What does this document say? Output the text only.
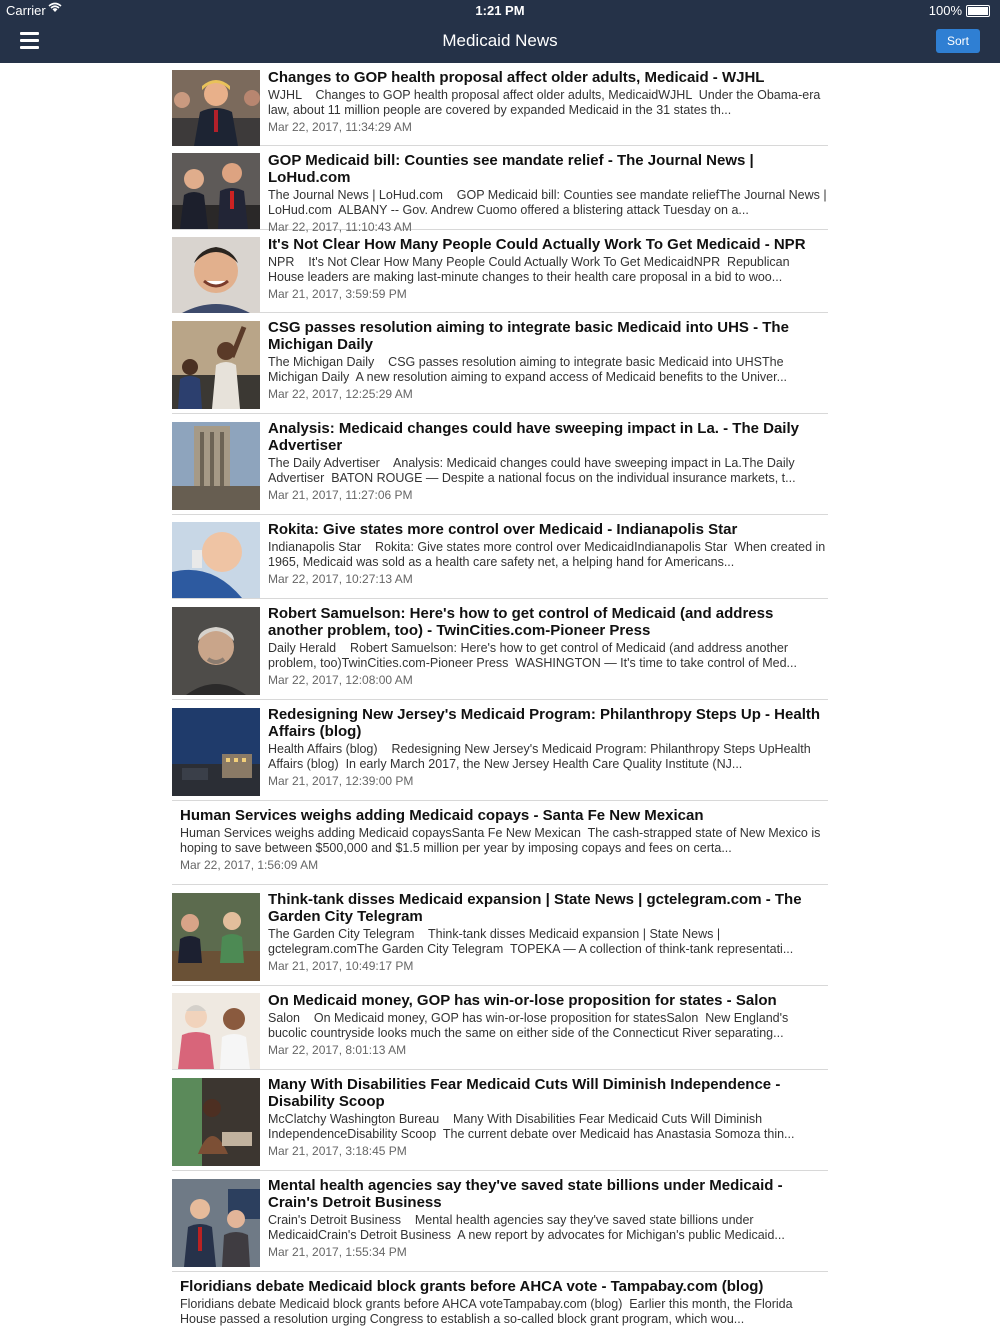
Carrier	1:21 PM	100%
Medicaid News	Sort
Changes to GOP health proposal affect older adults, Medicaid - WJHL
WJHL    Changes to GOP health proposal affect older adults, MedicaidWJHL  Under the Obama-era law, about 11 million people are covered by expanded Medicaid in the 31 states th...
Mar 22, 2017, 11:34:29 AM
GOP Medicaid bill: Counties see mandate relief - The Journal News | LoHud.com
The Journal News | LoHud.com    GOP Medicaid bill: Counties see mandate reliefThe Journal News | LoHud.com  ALBANY -- Gov. Andrew Cuomo offered a blistering attack Tuesday on a...
Mar 22, 2017, 11:10:43 AM
It's Not Clear How Many People Could Actually Work To Get Medicaid - NPR
NPR    It's Not Clear How Many People Could Actually Work To Get MedicaidNPR  Republican House leaders are making last-minute changes to their health care proposal in a bid to woo...
Mar 21, 2017, 3:59:59 PM
CSG passes resolution aiming to integrate basic Medicaid into UHS - The Michigan Daily
The Michigan Daily    CSG passes resolution aiming to integrate basic Medicaid into UHSThe Michigan Daily  A new resolution aiming to expand access of Medicaid benefits to the Univer...
Mar 22, 2017, 12:25:29 AM
Analysis: Medicaid changes could have sweeping impact in La. - The Daily Advertiser
The Daily Advertiser    Analysis: Medicaid changes could have sweeping impact in La.The Daily Advertiser  BATON ROUGE — Despite a national focus on the individual insurance markets, t...
Mar 21, 2017, 11:27:06 PM
Rokita: Give states more control over Medicaid - Indianapolis Star
Indianapolis Star    Rokita: Give states more control over MedicaidIndianapolis Star  When created in 1965, Medicaid was sold as a health care safety net, a helping hand for Americans...
Mar 22, 2017, 10:27:13 AM
Robert Samuelson: Here's how to get control of Medicaid (and address another problem, too) - TwinCities.com-Pioneer Press
Daily Herald    Robert Samuelson: Here's how to get control of Medicaid (and address another problem, too)TwinCities.com-Pioneer Press  WASHINGTON — It's time to take control of Med...
Mar 22, 2017, 12:08:00 AM
Redesigning New Jersey's Medicaid Program: Philanthropy Steps Up - Health Affairs (blog)
Health Affairs (blog)    Redesigning New Jersey's Medicaid Program: Philanthropy Steps UpHealth Affairs (blog)  In early March 2017, the New Jersey Health Care Quality Institute (NJ...
Mar 21, 2017, 12:39:00 PM
Human Services weighs adding Medicaid copays - Santa Fe New Mexican
Human Services weighs adding Medicaid copaysSanta Fe New Mexican  The cash-strapped state of New Mexico is hoping to save between $500,000 and $1.5 million per year by imposing copays and fees on certa...
Mar 22, 2017, 1:56:09 AM
Think-tank disses Medicaid expansion | State News | gctelegram.com - The Garden City Telegram
The Garden City Telegram    Think-tank disses Medicaid expansion | State News | gctelegram.comThe Garden City Telegram  TOPEKA — A collection of think-tank representati...
Mar 21, 2017, 10:49:17 PM
On Medicaid money, GOP has win-or-lose proposition for states - Salon
Salon    On Medicaid money, GOP has win-or-lose proposition for statesSalon  New England's bucolic countryside looks much the same on either side of the Connecticut River separating...
Mar 22, 2017, 8:01:13 AM
Many With Disabilities Fear Medicaid Cuts Will Diminish Independence - Disability Scoop
McClatchy Washington Bureau    Many With Disabilities Fear Medicaid Cuts Will Diminish IndependenceDisability Scoop  The current debate over Medicaid has Anastasia Somoza thin...
Mar 21, 2017, 3:18:45 PM
Mental health agencies say they've saved state billions under Medicaid - Crain's Detroit Business
Crain's Detroit Business    Mental health agencies say they've saved state billions under MedicaidCrain's Detroit Business  A new report by advocates for Michigan's public Medicaid...
Mar 21, 2017, 1:55:34 PM
Floridians debate Medicaid block grants before AHCA vote - Tampabay.com (blog)
Floridians debate Medicaid block grants before AHCA voteTampabay.com (blog)  Earlier this month, the Florida House passed a resolution urging Congress to establish a so-called block grant program, which wou...
